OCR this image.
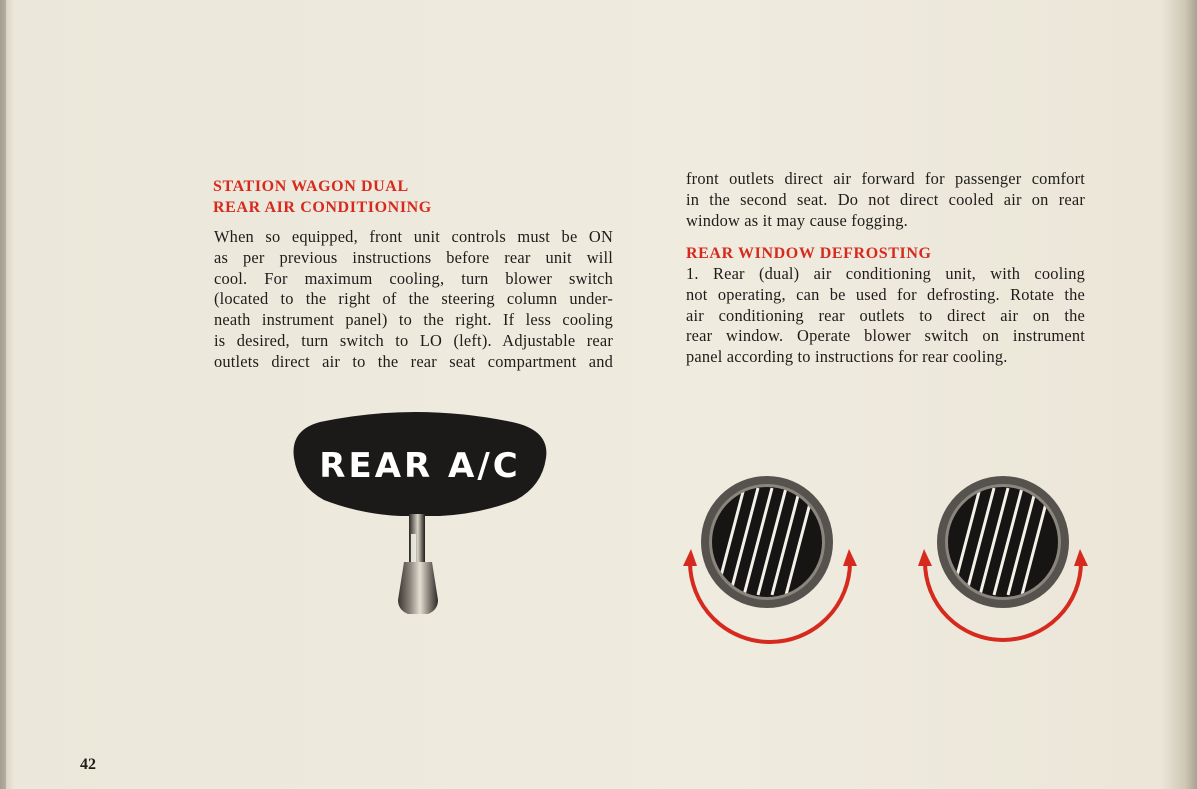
STATION WAGON DUAL
REAR AIR CONDITIONING
When so equipped, front unit controls must be ON
as per previous instructions before rear unit will
cool. For maximum cooling, turn blower switch
(located to the right of the steering column under-
neath instrument panel) to the right. If less cooling
is desired, turn switch to LO (left). Adjustable rear
outlets direct air to the rear seat compartment and
front outlets direct air forward for passenger comfort
in the second seat. Do not direct cooled air on rear
window as it may cause fogging.
REAR WINDOW DEFROSTING
1. Rear (dual) air conditioning unit, with cooling
not operating, can be used for defrosting. Rotate the
air conditioning rear outlets to direct air on the
rear window. Operate blower switch on instrument
panel according to instructions for rear cooling.
REAR A/C
42
